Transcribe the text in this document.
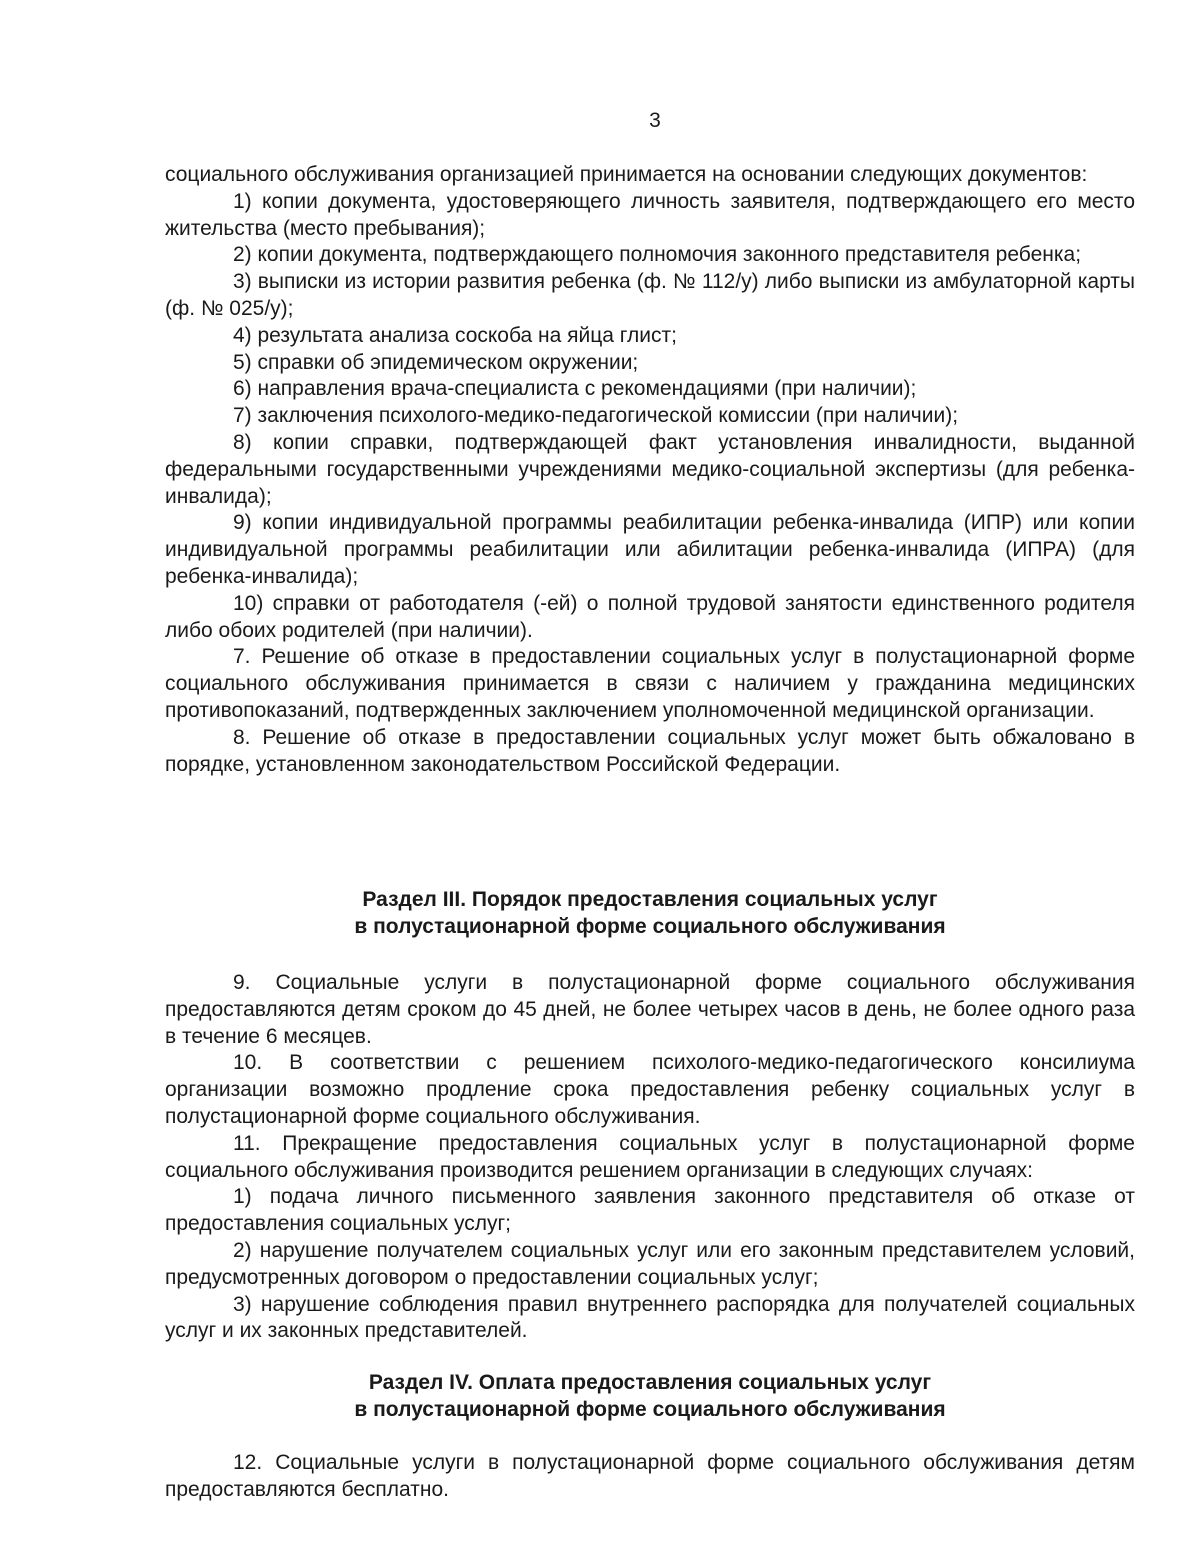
3

социального обслуживания организацией принимается на основании следующих документов:

1) копии документа, удостоверяющего личность заявителя, подтверждающего его место жительства (место пребывания);

2) копии документа, подтверждающего полномочия законного представителя ребенка;

3) выписки из истории развития ребенка (ф. № 112/у) либо выписки из амбулаторной карты (ф. № 025/у);

4) результата анализа соскоба на яйца глист;

5) справки об эпидемическом окружении;

6) направления врача-специалиста с рекомендациями (при наличии);

7) заключения психолого-медико-педагогической комиссии (при наличии);

8) копии справки, подтверждающей факт установления инвалидности, выданной федеральными государственными учреждениями медико-социальной экспертизы (для ребенка-инвалида);

9) копии индивидуальной программы реабилитации ребенка-инвалида (ИПР) или копии индивидуальной программы реабилитации или абилитации ребенка-инвалида (ИПРА) (для ребенка-инвалида);

10) справки от работодателя (-ей) о полной трудовой занятости единственного родителя либо обоих родителей (при наличии).

7. Решение об отказе в предоставлении социальных услуг в полустационарной форме социального обслуживания принимается в связи с наличием у гражданина медицинских противопоказаний, подтвержденных заключением уполномоченной медицинской организации.

8. Решение об отказе в предоставлении социальных услуг может быть обжаловано в порядке, установленном законодательством Российской Федерации.

Раздел III. Порядок предоставления социальных услуг

в полустационарной форме социального обслуживания

9. Социальные услуги в полустационарной форме социального обслуживания предоставляются детям сроком до 45 дней, не более четырех часов в день, не более одного раза в течение 6 месяцев.

10. В соответствии с решением психолого-медико-педагогического консилиума организации возможно продление срока предоставления ребенку социальных услуг в полустационарной форме социального обслуживания.

11. Прекращение предоставления социальных услуг в полустационарной форме социального обслуживания производится решением организации в следующих случаях:

1) подача личного письменного заявления законного представителя об отказе от предоставления социальных услуг;

2) нарушение получателем социальных услуг или его законным представителем условий, предусмотренных договором о предоставлении социальных услуг;

3) нарушение соблюдения правил внутреннего распорядка для получателей социальных услуг и их законных представителей.

Раздел IV. Оплата предоставления социальных услуг

в полустационарной форме социального обслуживания

12. Социальные услуги в полустационарной форме социального обслуживания детям предоставляются бесплатно.
